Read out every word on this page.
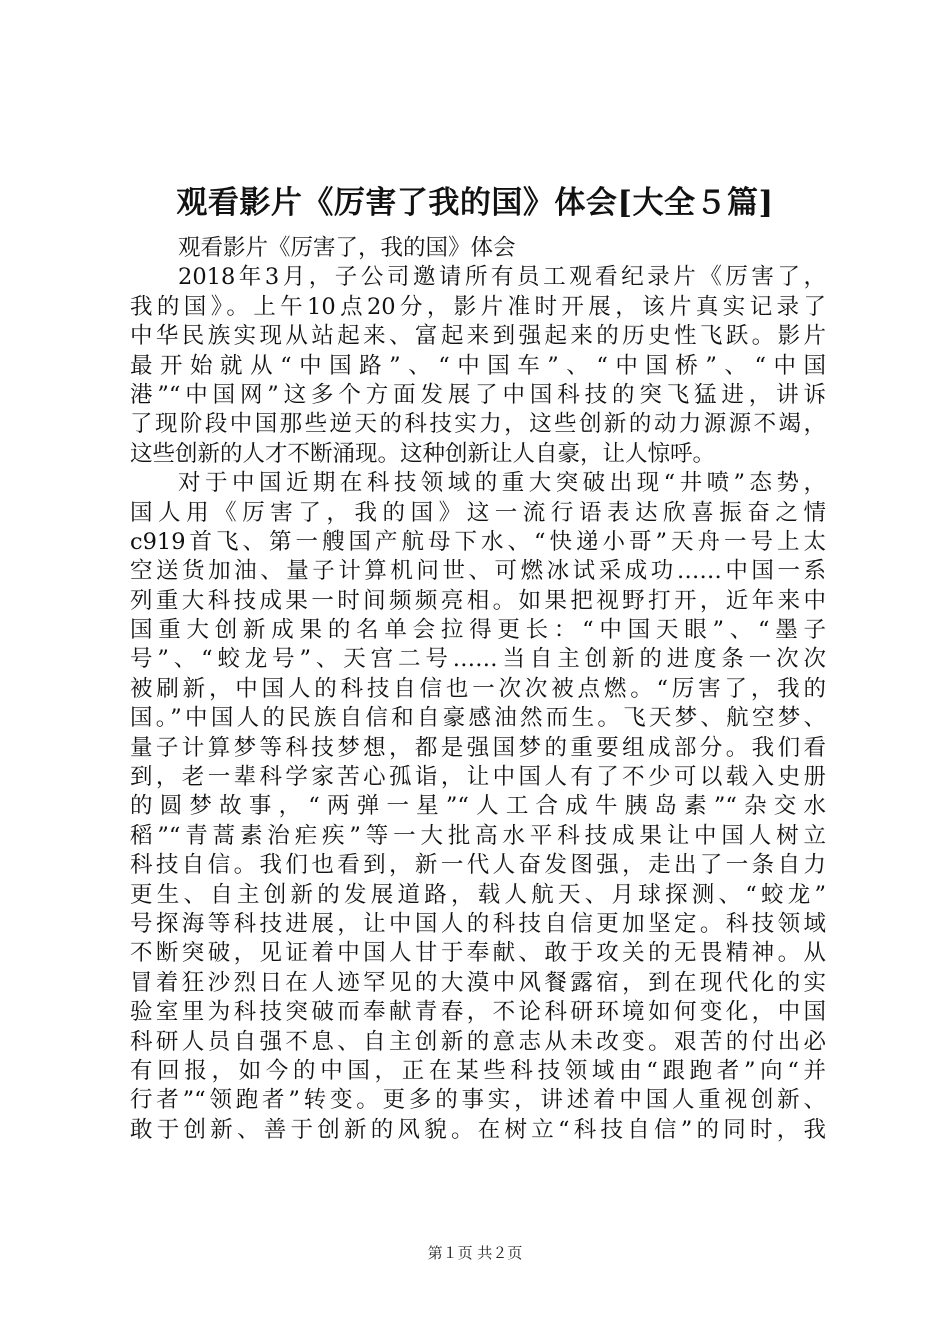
观看影片《厉害了我的国》体会[大全５篇]
观看影片《厉害了，我的国》体会
2018年3月，子公司邀请所有员工观看纪录片《厉害了，
我的国》。上午10点20分，影片准时开展，该片真实记录了
中华民族实现从站起来、富起来到强起来的历史性飞跃。影片
最开始就从“中国路”、“中国车”、“中国桥”、“中国
港”“中国网”这多个方面发展了中国科技的突飞猛进，讲诉
了现阶段中国那些逆天的科技实力，这些创新的动力源源不竭，
这些创新的人才不断涌现。这种创新让人自豪，让人惊呼。
对于中国近期在科技领域的重大突破出现“井喷”态势，
国人用《厉害了，我的国》这一流行语表达欣喜振奋之情
c919首飞、第一艘国产航母下水、“快递小哥”天舟一号上太
空送货加油、量子计算机问世、可燃冰试采成功……中国一系
列重大科技成果一时间频频亮相。如果把视野打开，近年来中
国重大创新成果的名单会拉得更长：“中国天眼”、“墨子
号”、“蛟龙号”、天宫二号……当自主创新的进度条一次次
被刷新，中国人的科技自信也一次次被点燃。“厉害了，我的
国。”中国人的民族自信和自豪感油然而生。飞天梦、航空梦、
量子计算梦等科技梦想，都是强国梦的重要组成部分。我们看
到，老一辈科学家苦心孤诣，让中国人有了不少可以载入史册
的圆梦故事，“两弹一星”“人工合成牛胰岛素”“杂交水
稻”“青蒿素治疟疾”等一大批高水平科技成果让中国人树立
科技自信。我们也看到，新一代人奋发图强，走出了一条自力
更生、自主创新的发展道路，载人航天、月球探测、“蛟龙”
号探海等科技进展，让中国人的科技自信更加坚定。科技领域
不断突破，见证着中国人甘于奉献、敢于攻关的无畏精神。从
冒着狂沙烈日在人迹罕见的大漠中风餐露宿，到在现代化的实
验室里为科技突破而奉献青春，不论科研环境如何变化，中国
科研人员自强不息、自主创新的意志从未改变。艰苦的付出必
有回报，如今的中国，正在某些科技领域由“跟跑者”向“并
行者”“领跑者”转变。更多的事实，讲述着中国人重视创新、
敢于创新、善于创新的风貌。在树立“科技自信”的同时，我
第１页 共２页
